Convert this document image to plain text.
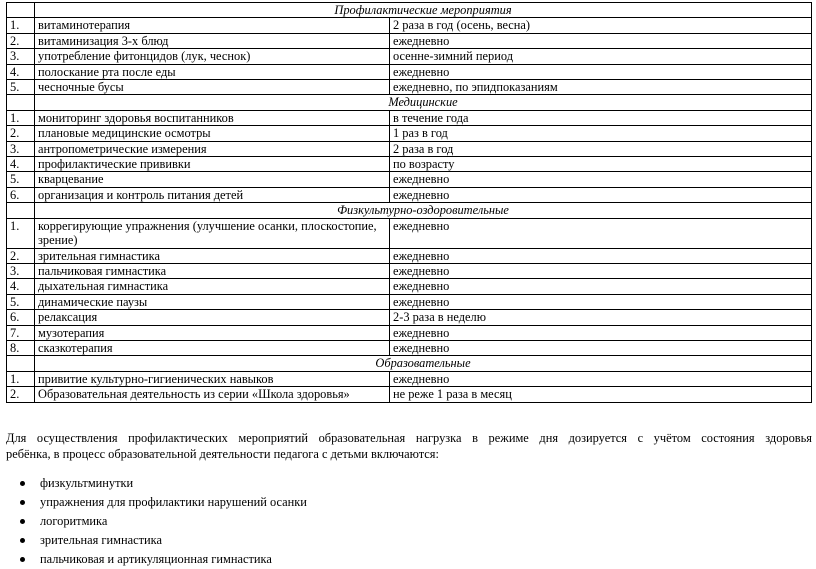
	Профилактические мероприятия	
1.	витаминотерапия	2 раза в год (осень, весна)
2.	витаминизация 3-х блюд	ежедневно
3.	употребление фитонцидов (лук, чеснок)	осенне-зимний период
4.	полоскание рта после еды	ежедневно
5.	чесночные бусы	ежедневно, по эпидпоказаниям
	Медицинские	
1.	мониторинг здоровья воспитанников	в течение года
2.	плановые медицинские осмотры	1 раз в год
3.	антропометрические измерения	2 раза в год
4.	профилактические прививки	по возрасту
5.	кварцевание	ежедневно
6.	организация и контроль питания детей	ежедневно
	Физкультурно-оздоровительные	
1.	коррегирующие упражнения (улучшение осанки, плоскостопие, зрение)	ежедневно
2.	зрительная гимнастика	ежедневно
3.	пальчиковая гимнастика	ежедневно
4.	дыхательная гимнастика	ежедневно
5.	динамические паузы	ежедневно
6.	релаксация	2-3 раза в неделю
7.	музотерапия	ежедневно
8.	сказкотерапия	ежедневно
	Образовательные	
1.	привитие культурно-гигиенических навыков	ежедневно
2.	Образовательная деятельность из серии «Школа здоровья»	не реже 1 раза в месяц
Для осуществления профилактических мероприятий образовательная нагрузка в режиме дня дозируется с учётом состояния здоровья
ребёнка, в процесс образовательной деятельности педагога с детьми включаются:
физкультминутки
упражнения для профилактики нарушений осанки
логоритмика
зрительная гимнастика
пальчиковая и артикуляционная гимнастика
